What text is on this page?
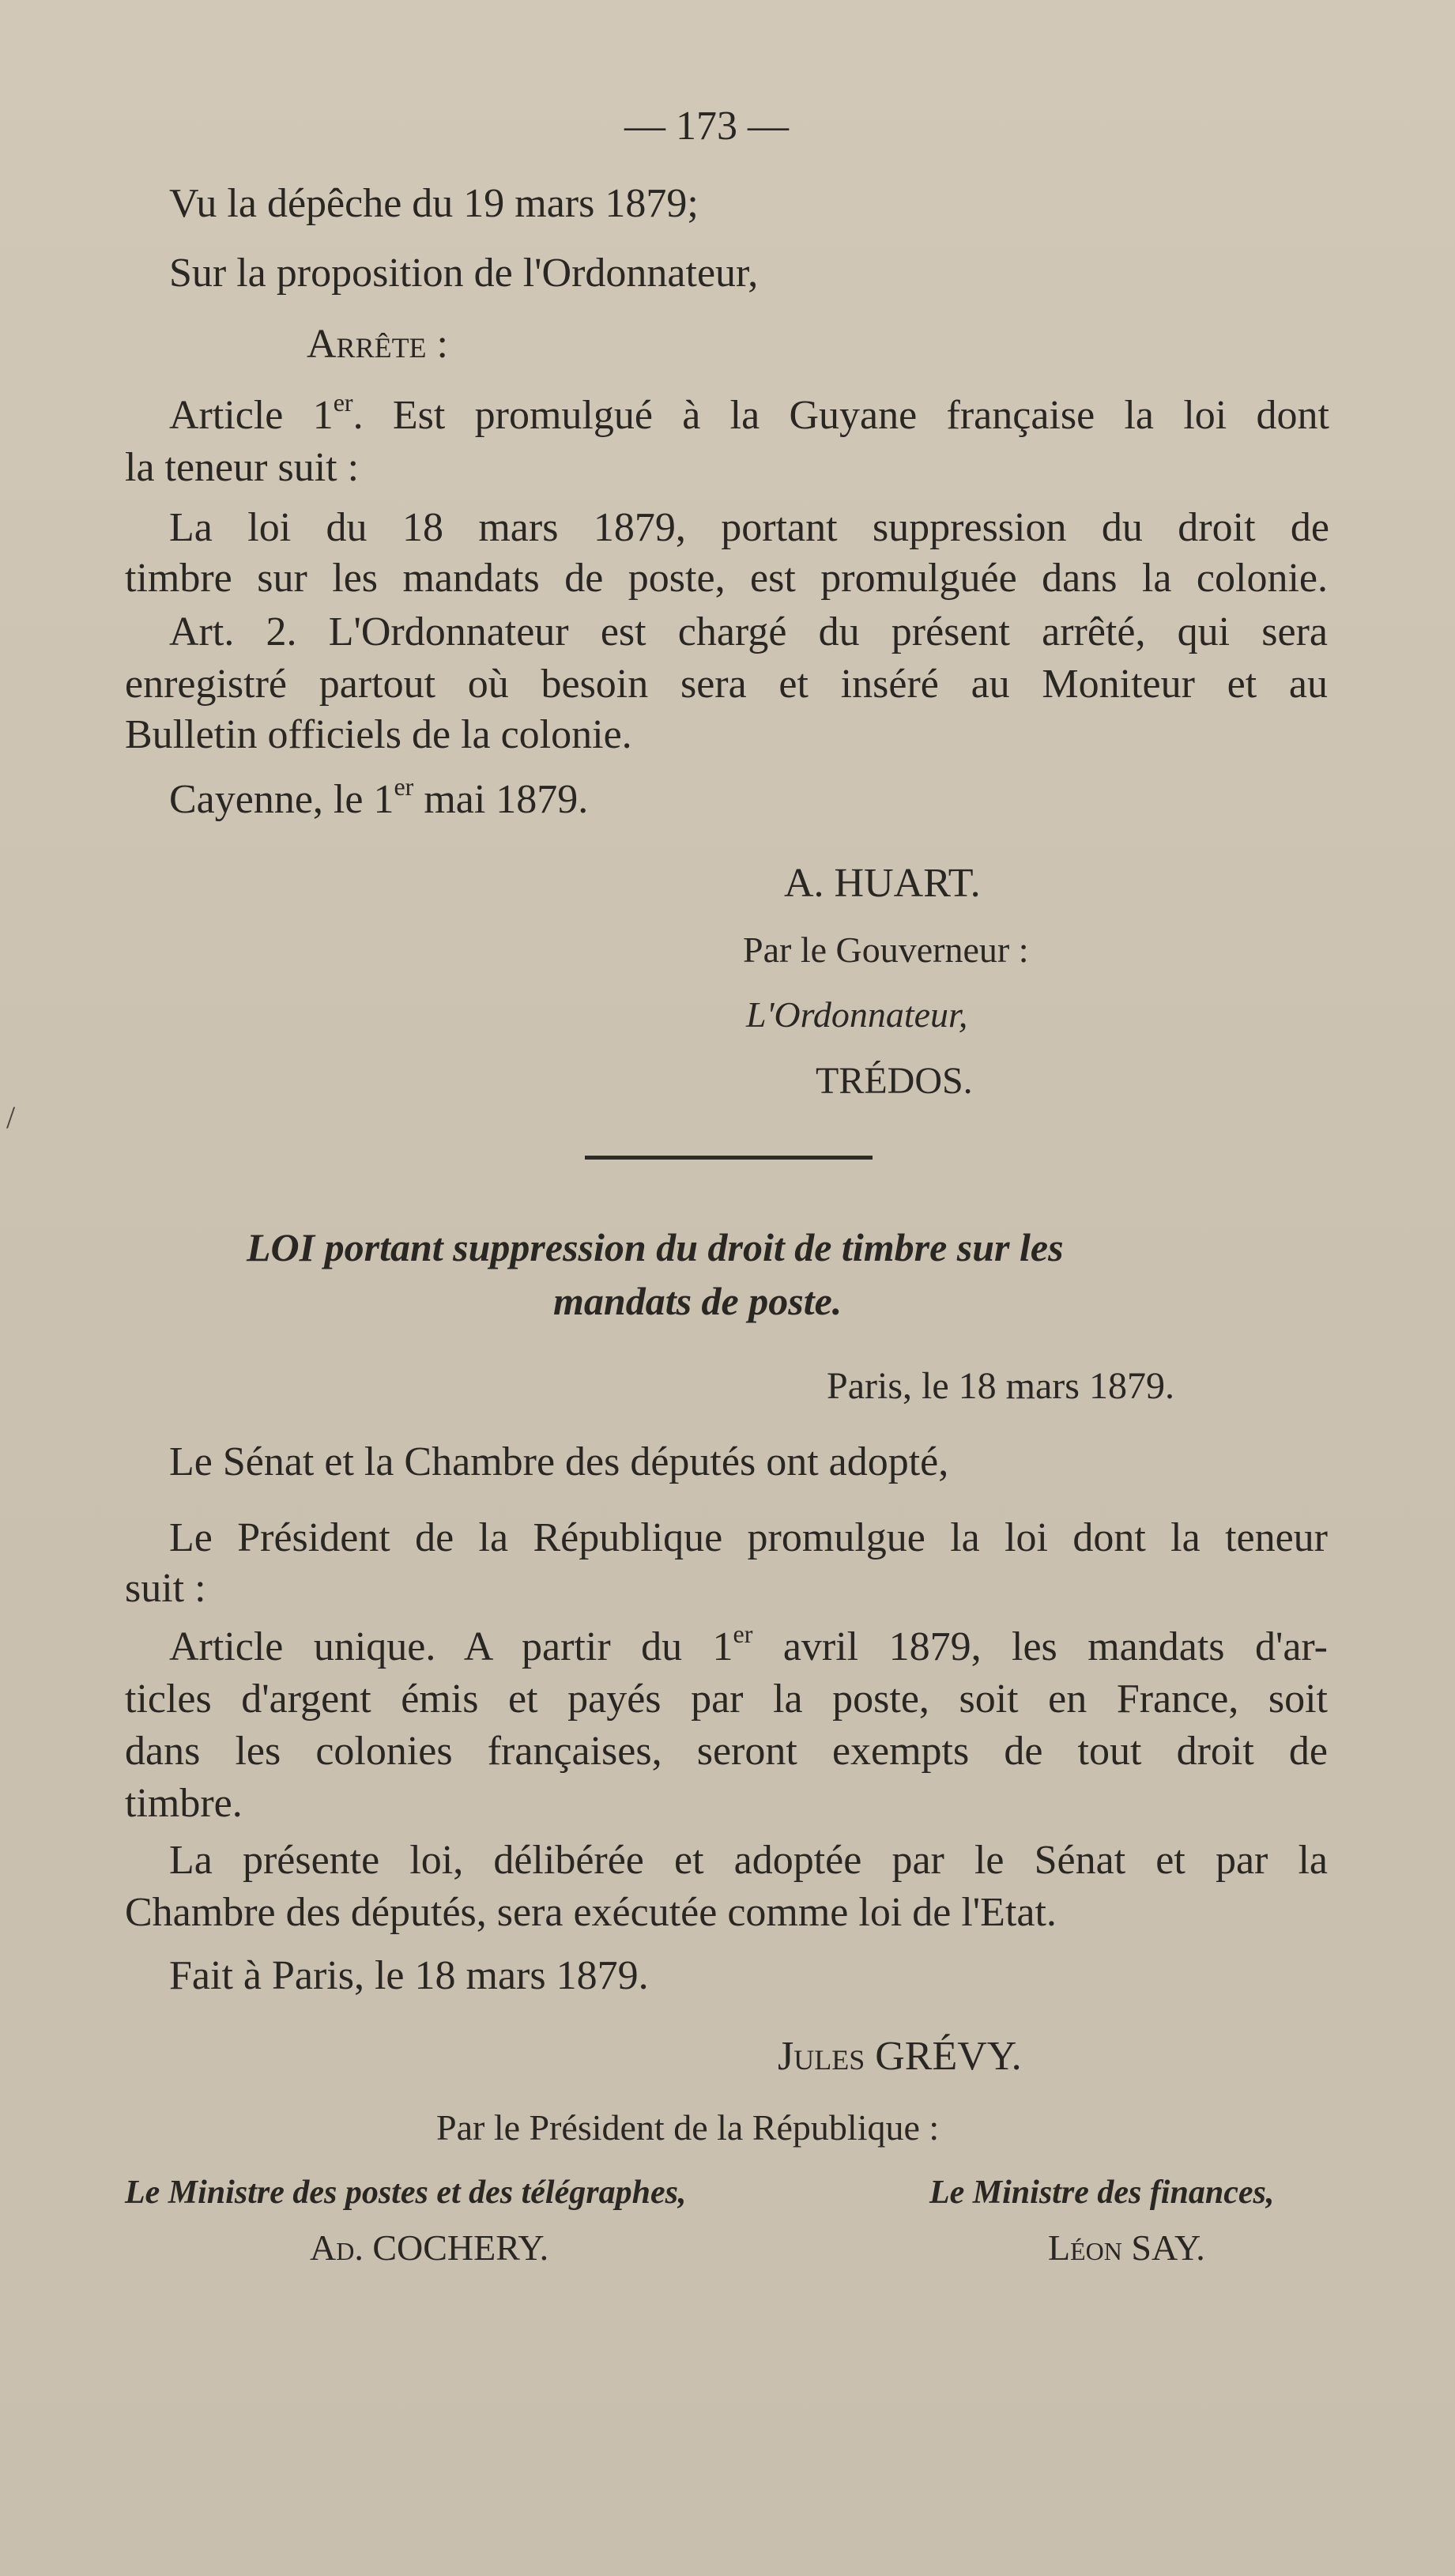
— 173 —

Vu la dépêche du 19 mars 1879;

Sur la proposition de l'Ordonnateur,

Arrête :

Article 1er. Est promulgué à la Guyane française la loi dont

la teneur suit :

La loi du 18 mars 1879, portant suppression du droit de

timbre sur les mandats de poste, est promulguée dans la colonie.

Art. 2. L'Ordonnateur est chargé du présent arrêté, qui sera

enregistré partout où besoin sera et inséré au Moniteur et au

Bulletin officiels de la colonie.

Cayenne, le 1er mai 1879.

A. HUART.

Par le Gouverneur :

L'Ordonnateur,

TRÉDOS.

LOI portant suppression du droit de timbre sur les

mandats de poste.

Paris, le 18 mars 1879.

Le Sénat et la Chambre des députés ont adopté,

Le Président de la République promulgue la loi dont la teneur

suit :

Article unique. A partir du 1er avril 1879, les mandats d'ar-

ticles d'argent émis et payés par la poste, soit en France, soit

dans les colonies françaises, seront exempts de tout droit de

timbre.

La présente loi, délibérée et adoptée par le Sénat et par la

Chambre des députés, sera exécutée comme loi de l'Etat.

Fait à Paris, le 18 mars 1879.

Jules GRÉVY.

Par le Président de la République :

Le Ministre des postes et des télégraphes,	Le Ministre des finances,

Ad. COCHERY.	Léon SAY.

/
